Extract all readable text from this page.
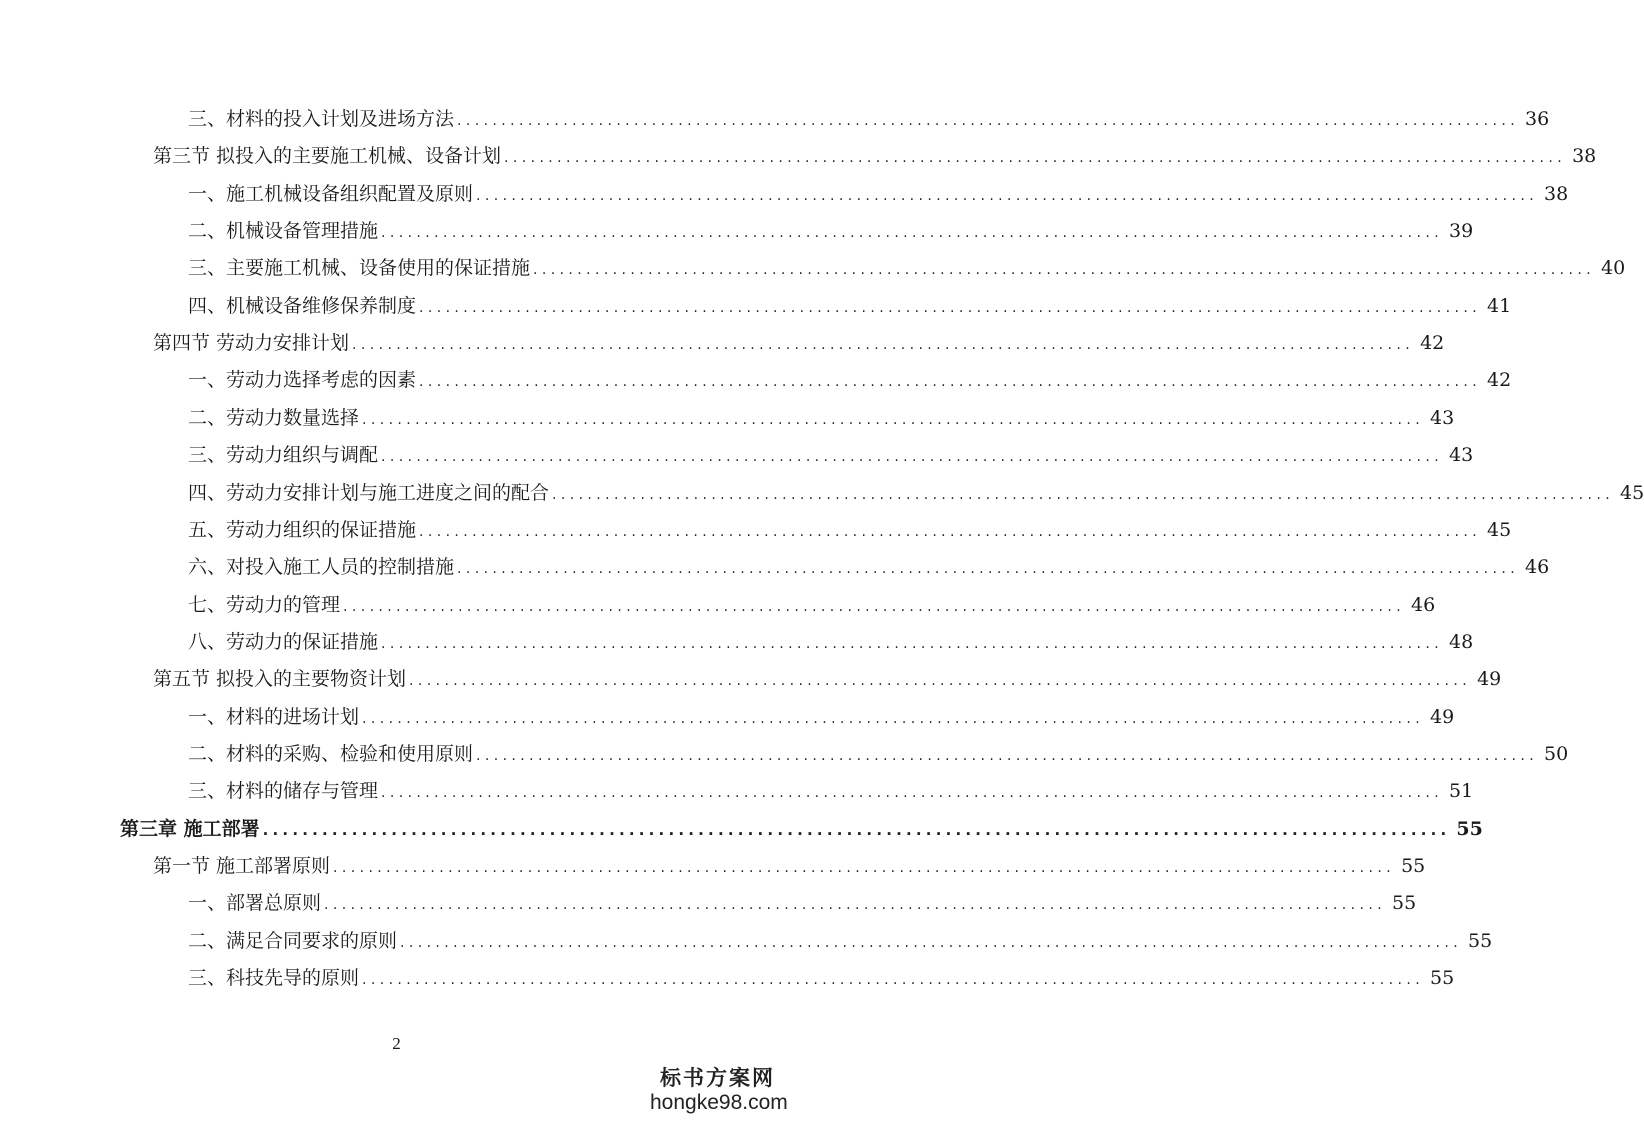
三、材料的投入计划及进场方法 ........................................................................................................................ 36
第三节 拟投入的主要施工机械、设备计划 ........................................................................................................................ 38
一、施工机械设备组织配置及原则 ........................................................................................................................ 38
二、机械设备管理措施 ........................................................................................................................ 39
三、主要施工机械、设备使用的保证措施 ........................................................................................................................ 40
四、机械设备维修保养制度 ........................................................................................................................ 41
第四节 劳动力安排计划 ........................................................................................................................ 42
一、劳动力选择考虑的因素 ........................................................................................................................ 42
二、劳动力数量选择 ........................................................................................................................ 43
三、劳动力组织与调配 ........................................................................................................................ 43
四、劳动力安排计划与施工进度之间的配合 ........................................................................................................................ 45
五、劳动力组织的保证措施 ........................................................................................................................ 45
六、对投入施工人员的控制措施 ........................................................................................................................ 46
七、劳动力的管理 ........................................................................................................................ 46
八、劳动力的保证措施 ........................................................................................................................ 48
第五节 拟投入的主要物资计划 ........................................................................................................................ 49
一、材料的进场计划 ........................................................................................................................ 49
二、材料的采购、检验和使用原则 ........................................................................................................................ 50
三、材料的储存与管理 ........................................................................................................................ 51
第三章 施工部署 ........................................................................................................................ 55
第一节 施工部署原则 ........................................................................................................................ 55
一、部署总原则 ........................................................................................................................ 55
二、满足合同要求的原则 ........................................................................................................................ 55
三、科技先导的原则 ........................................................................................................................ 55
2
标书方案网
hongke98.com
